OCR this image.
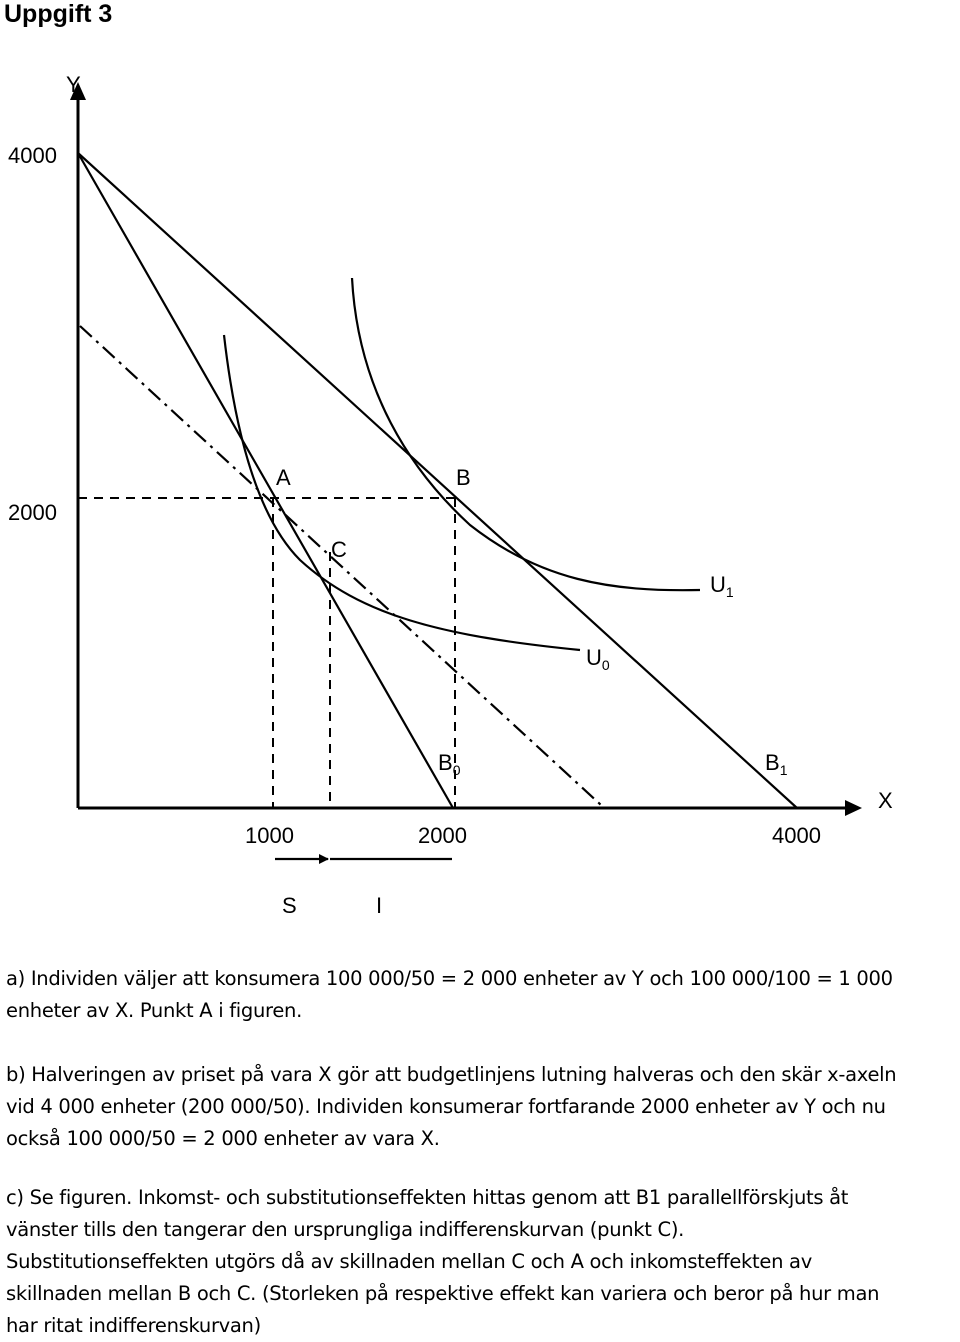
Uppgift 3
Y
X
4000
2000
1000	2000	4000
A	B
C
$U_1$
$U_0$
$B_0$	$B_1$
S	I
a) Individen väljer att konsumera 100 000/50 = 2 000 enheter av Y och 100 000/100 = 1 000
enheter av X. Punkt A i figuren.
b) Halveringen av priset på vara X gör att budgetlinjens lutning halveras och den skär x-axeln
vid 4 000 enheter (200 000/50). Individen konsumerar fortfarande 2000 enheter av Y och nu
också 100 000/50 = 2 000 enheter av vara X.
c) Se figuren. Inkomst- och substitutionseffekten hittas genom att B1 parallellförskjuts åt
vänster tills den tangerar den ursprungliga indifferenskurvan (punkt C).
Substitutionseffekten utgörs då av skillnaden mellan C och A och inkomsteffekten av
skillnaden mellan B och C. (Storleken på respektive effekt kan variera och beror på hur man
har ritat indifferenskurvan)
